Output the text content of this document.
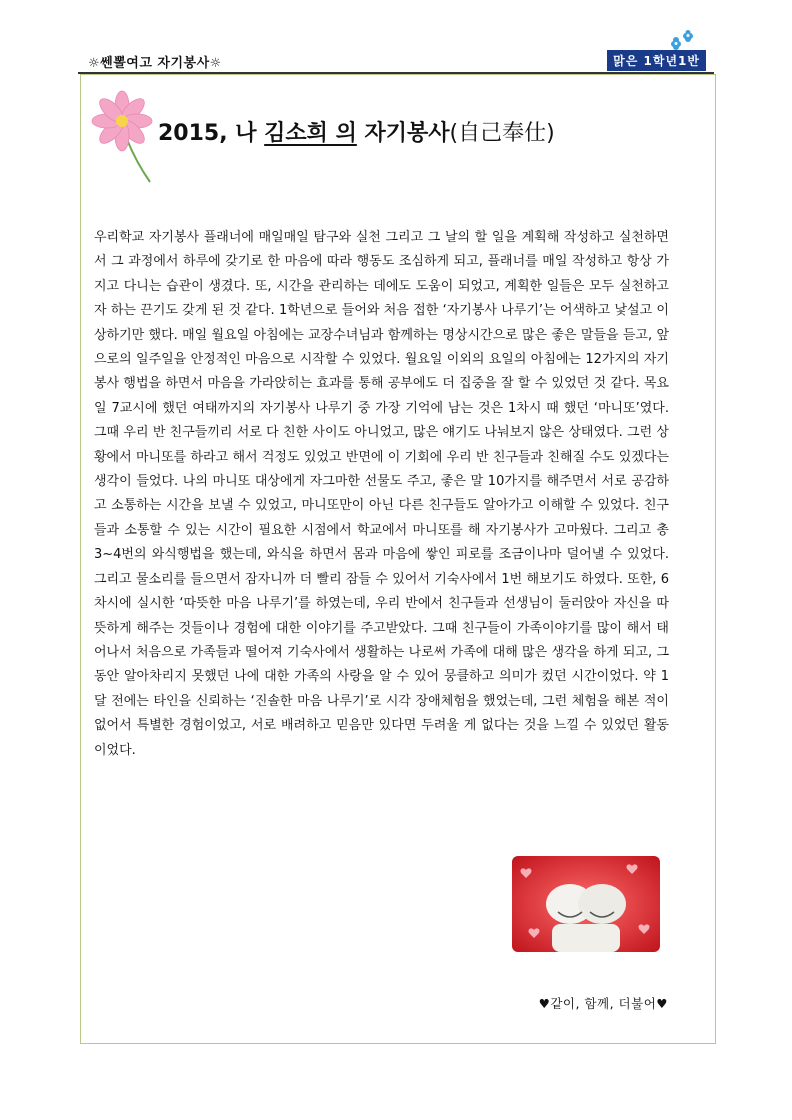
☼쎈뽈여고 자기봉사☼	맑은 1학년1반
2015, 나 김소희 의 자기봉사(自己奉仕)

우리학교 자기봉사 플래너에 매일매일 탐구와 실천 그리고 그 날의 할 일을 계획해 작성하고 실천하면서 그 과정에서 하루에 갖기로 한 마음에 따라 행동도 조심하게 되고, 플래너를 매일 작성하고 항상 가지고 다니는 습관이 생겼다. 또, 시간을 관리하는 데에도 도움이 되었고, 계획한 일들은 모두 실천하고자 하는 끈기도 갖게 된 것 같다. 1학년으로 들어와 처음 접한 ‘자기봉사 나루기’는 어색하고 낯설고 이상하기만 했다. 매일 월요일 아침에는 교장수녀님과 함께하는 명상시간으로 많은 좋은 말들을 듣고, 앞으로의 일주일을 안정적인 마음으로 시작할 수 있었다. 월요일 이외의 요일의 아침에는 12가지의 자기봉사 행법을 하면서 마음을 가라앉히는 효과를 통해 공부에도 더 집중을 잘 할 수 있었던 것 같다. 목요일 7교시에 했던 여태까지의 자기봉사 나루기 중 가장 기억에 남는 것은 1차시 때 했던 ‘마니또’였다. 그때 우리 반 친구들끼리 서로 다 친한 사이도 아니었고, 많은 얘기도 나눠보지 않은 상태였다. 그런 상황에서 마니또를 하라고 해서 걱정도 있었고 반면에 이 기회에 우리 반 친구들과 친해질 수도 있겠다는 생각이 들었다. 나의 마니또 대상에게 자그마한 선물도 주고, 좋은 말 10가지를 해주면서 서로 공감하고 소통하는 시간을 보낼 수 있었고, 마니또만이 아닌 다른 친구들도 알아가고 이해할 수 있었다. 친구들과 소통할 수 있는 시간이 필요한 시점에서 학교에서 마니또를 해 자기봉사가 고마웠다. 그리고 총 3~4번의 와식행법을 했는데, 와식을 하면서 몸과 마음에 쌓인 피로를 조금이나마 덜어낼 수 있었다. 그리고 물소리를 들으면서 잠자니까 더 빨리 잠들 수 있어서 기숙사에서 1번 해보기도 하였다. 또한, 6차시에 실시한 ‘따뜻한 마음 나루기’를 하였는데, 우리 반에서 친구들과 선생님이 둘러앉아 자신을 따뜻하게 해주는 것들이나 경험에 대한 이야기를 주고받았다. 그때 친구들이 가족이야기를 많이 해서 태어나서 처음으로 가족들과 떨어져 기숙사에서 생활하는 나로써 가족에 대해 많은 생각을 하게 되고, 그동안 알아차리지 못했던 나에 대한 가족의 사랑을 알 수 있어 뭉클하고 의미가 컸던 시간이었다. 약 1달 전에는 타인을 신뢰하는 ‘진솔한 마음 나루기’로 시각 장애체험을 했었는데, 그런 체험을 해본 적이 없어서 특별한 경험이었고, 서로 배려하고 믿음만 있다면 두려울 게 없다는 것을 느낄 수 있었던 활동이었다.

♥같이, 함께, 더불어♥
